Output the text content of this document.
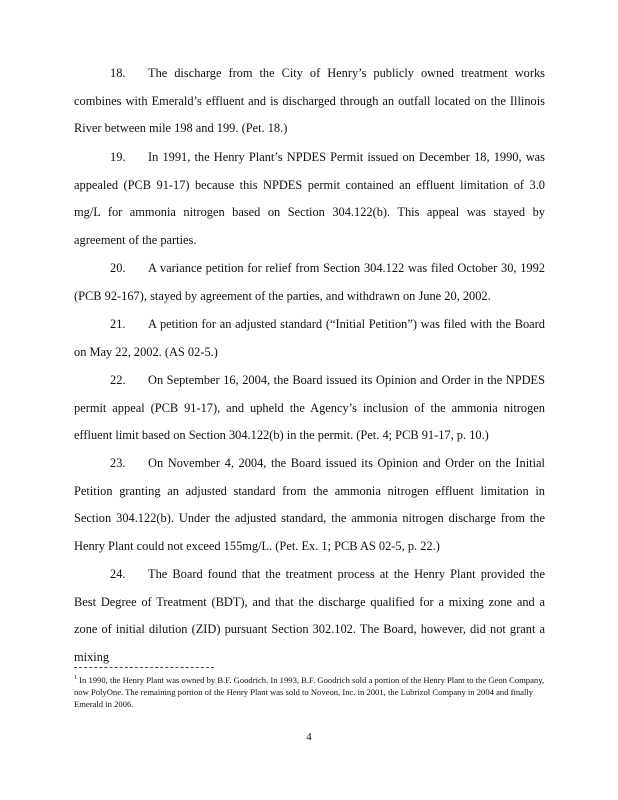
18. The discharge from the City of Henry’s publicly owned treatment works combines with Emerald’s effluent and is discharged through an outfall located on the Illinois River between mile 198 and 199. (Pet. 18.)

19. In 1991, the Henry Plant’s NPDES Permit issued on December 18, 1990, was appealed (PCB 91-17) because this NPDES permit contained an effluent limitation of 3.0 mg/L for ammonia nitrogen based on Section 304.122(b). This appeal was stayed by agreement of the parties.

20. A variance petition for relief from Section 304.122 was filed October 30, 1992 (PCB 92-167), stayed by agreement of the parties, and withdrawn on June 20, 2002.

21. A petition for an adjusted standard (“Initial Petition”) was filed with the Board on May 22, 2002. (AS 02-5.)

22. On September 16, 2004, the Board issued its Opinion and Order in the NPDES permit appeal (PCB 91-17), and upheld the Agency’s inclusion of the ammonia nitrogen effluent limit based on Section 304.122(b) in the permit. (Pet. 4; PCB 91-17, p. 10.)

23. On November 4, 2004, the Board issued its Opinion and Order on the Initial Petition granting an adjusted standard from the ammonia nitrogen effluent limitation in Section 304.122(b). Under the adjusted standard, the ammonia nitrogen discharge from the Henry Plant could not exceed 155mg/L. (Pet. Ex. 1; PCB AS 02-5, p. 22.)

24. The Board found that the treatment process at the Henry Plant provided the Best Degree of Treatment (BDT), and that the discharge qualified for a mixing zone and a zone of initial dilution (ZID) pursuant Section 302.102. The Board, however, did not grant a mixing

$^1$ In 1990, the Henry Plant was owned by B.F. Goodrich. In 1993, B.F. Goodrich sold a portion of the Henry Plant to the Geon Company, now PolyOne. The remaining portion of the Henry Plant was sold to Noveon, Inc. in 2001, the Lubrizol Company in 2004 and finally Emerald in 2006.

4
